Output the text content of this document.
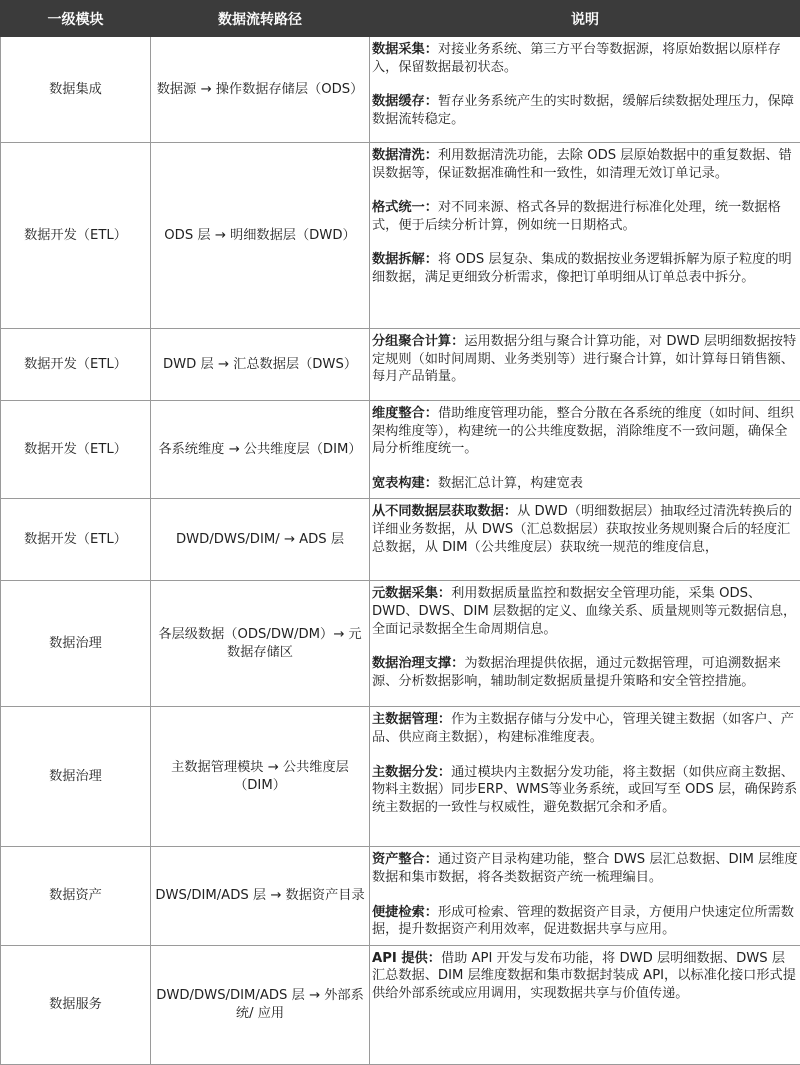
一级模块	数据流转路径	说明
数据集成	数据源 → 操作数据存储层（ODS）	数据采集：对接业务系统、第三方平台等数据源，将原始数据以原样存入，保留数据最初状态。

数据缓存：暂存业务系统产生的实时数据，缓解后续数据处理压力，保障数据流转稳定。

数据开发（ETL）	ODS 层 → 明细数据层（DWD）	数据清洗：利用数据清洗功能，去除 ODS 层原始数据中的重复数据、错误数据等，保证数据准确性和一致性，如清理无效订单记录。

格式统一：对不同来源、格式各异的数据进行标准化处理，统一数据格式，便于后续分析计算，例如统一日期格式。

数据拆解：将 ODS 层复杂、集成的数据按业务逻辑拆解为原子粒度的明细数据，满足更细致分析需求，像把订单明细从订单总表中拆分。

数据开发（ETL）	DWD 层 → 汇总数据层（DWS）	分组聚合计算：运用数据分组与聚合计算功能，对 DWD 层明细数据按特定规则（如时间周期、业务类别等）进行聚合计算，如计算每日销售额、每月产品销量。

数据开发（ETL）	各系统维度 → 公共维度层（DIM）	维度整合：借助维度管理功能，整合分散在各系统的维度（如时间、组织架构维度等），构建统一的公共维度数据，消除维度不一致问题，确保全局分析维度统一。

宽表构建：数据汇总计算，构建宽表

数据开发（ETL）	DWD/DWS/DIM/ → ADS 层	从不同数据层获取数据：从 DWD（明细数据层）抽取经过清洗转换后的详细业务数据，从 DWS（汇总数据层）获取按业务规则聚合后的轻度汇总数据，从 DIM（公共维度层）获取统一规范的维度信息，

数据治理	各层级数据（ODS/DW/DM）→ 元数据存储区	元数据采集：利用数据质量监控和数据安全管理功能，采集 ODS、DWD、DWS、DIM 层数据的定义、血缘关系、质量规则等元数据信息，全面记录数据全生命周期信息。

数据治理支撑：为数据治理提供依据，通过元数据管理，可追溯数据来源、分析数据影响，辅助制定数据质量提升策略和安全管控措施。

数据治理	主数据管理模块 → 公共维度层（DIM）	主数据管理：作为主数据存储与分发中心，管理关键主数据（如客户、产品、供应商主数据），构建标准维度表。

主数据分发：通过模块内主数据分发功能，将主数据（如供应商主数据、物料主数据）同步ERP、WMS等业务系统，或回写至 ODS 层，确保跨系统主数据的一致性与权威性，避免数据冗余和矛盾。

数据资产	DWS/DIM/ADS 层 → 数据资产目录	资产整合：通过资产目录构建功能，整合 DWS 层汇总数据、DIM 层维度数据和集市数据，将各类数据资产统一梳理编目。

便捷检索：形成可检索、管理的数据资产目录，方便用户快速定位所需数据，提升数据资产利用效率，促进数据共享与应用。

数据服务	DWD/DWS/DIM/ADS 层 → 外部系统/ 应用	API 提供：借助 API 开发与发布功能，将 DWD 层明细数据、DWS 层汇总数据、DIM 层维度数据和集市数据封装成 API，以标准化接口形式提供给外部系统或应用调用，实现数据共享与价值传递。
